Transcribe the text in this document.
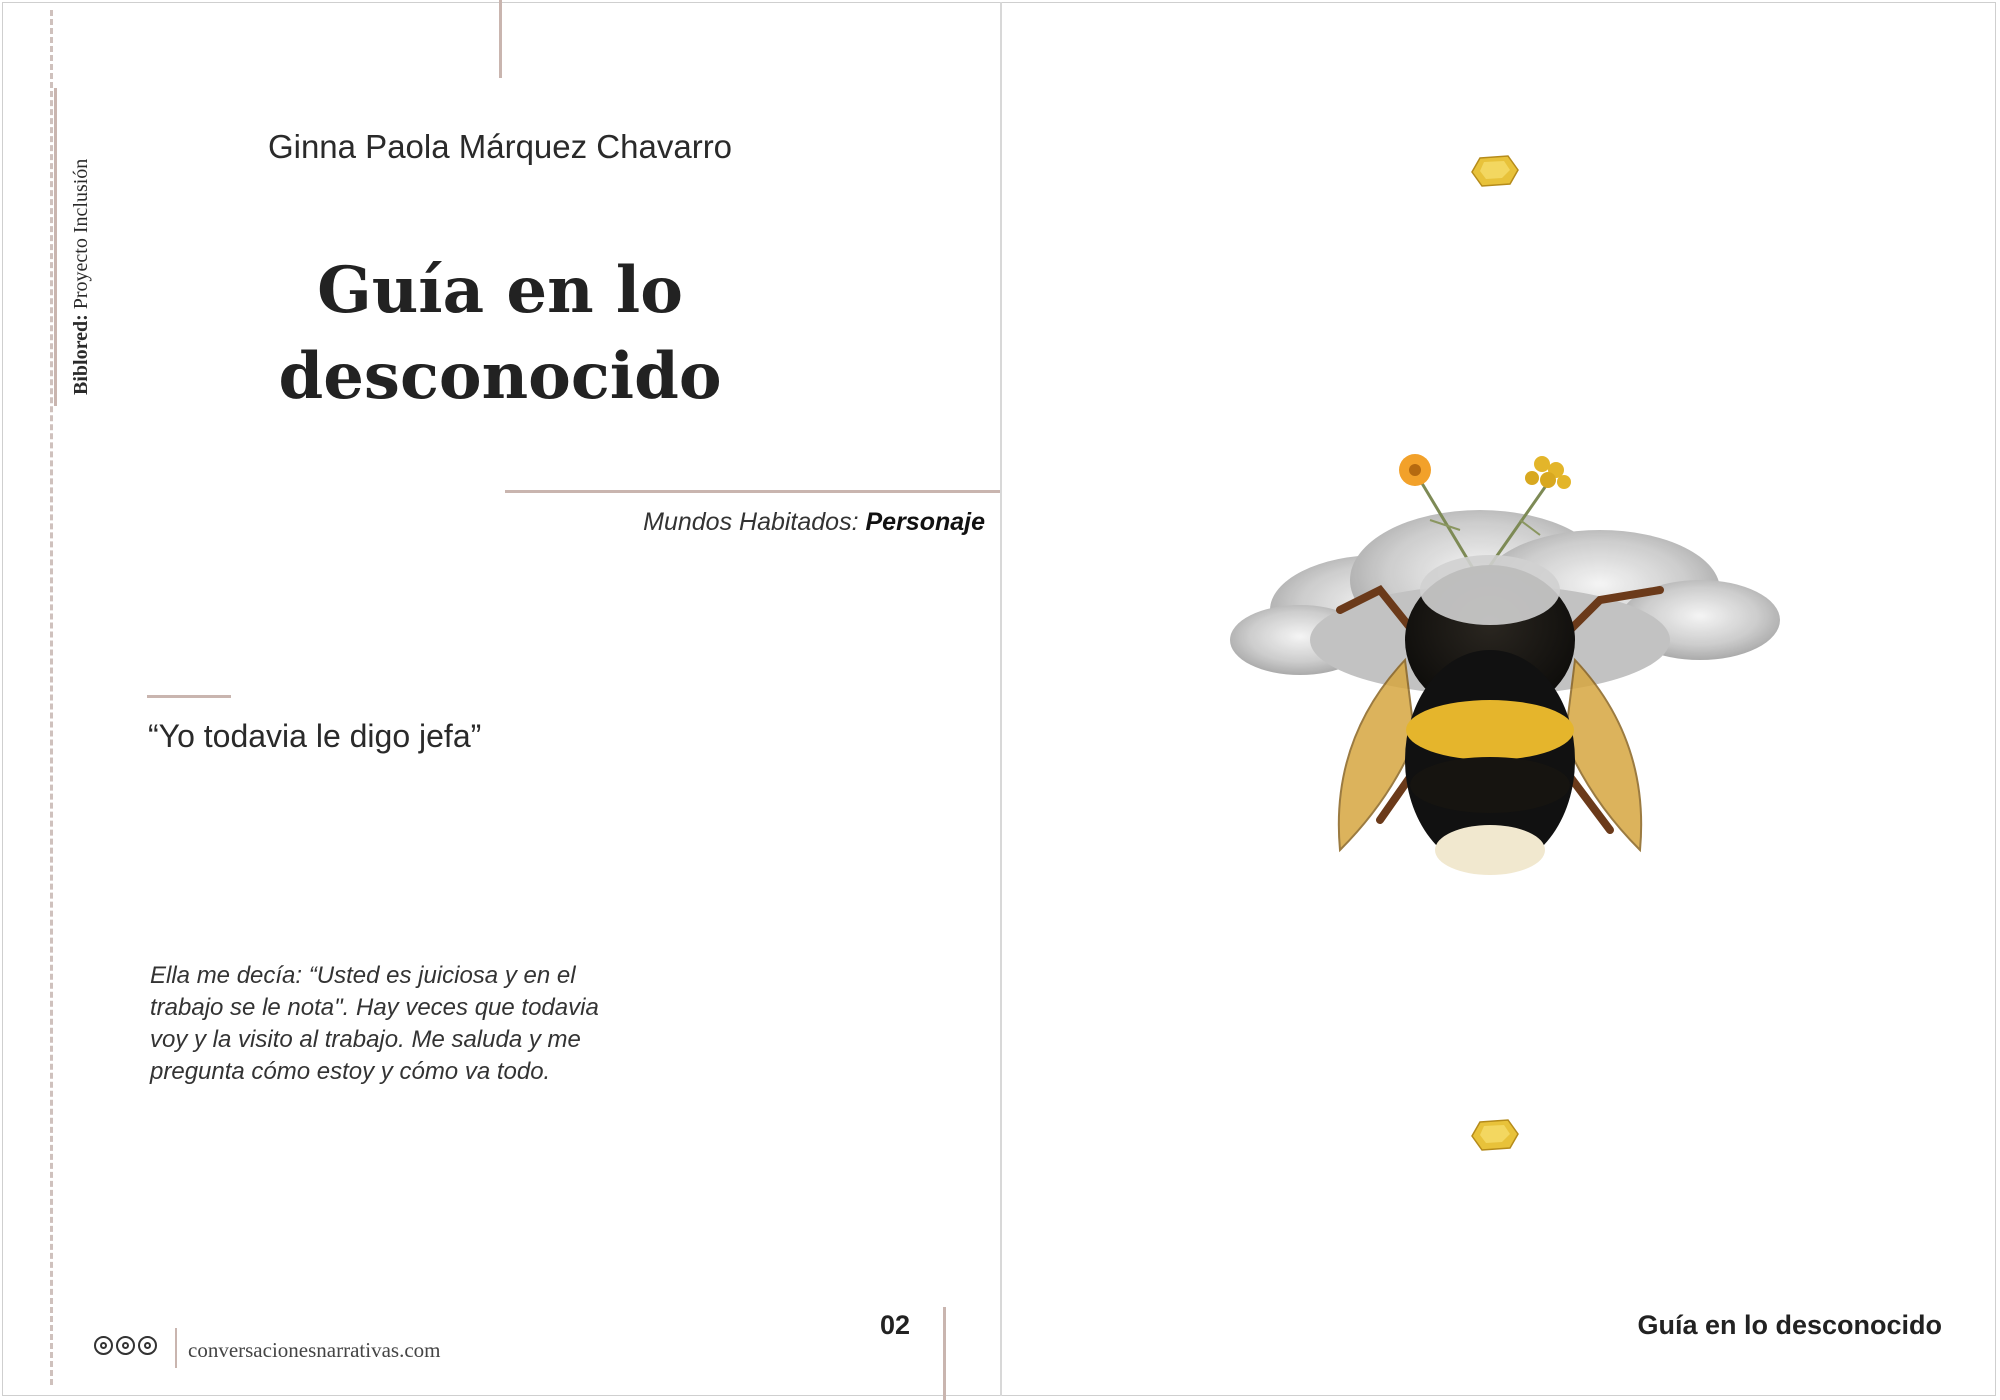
Biblored: Proyecto Inclusión
Ginna Paola Márquez Chavarro
Guía en lo
desconocido
Mundos Habitados: Personaje
“Yo todavia le digo jefa”
Ella me decía: “Usted es juiciosa y en el trabajo se le nota". Hay veces que todavia voy y la visito al trabajo. Me saluda y me pregunta cómo estoy y cómo va todo.
02
conversacionesnarrativas.com
Guía en lo desconocido
